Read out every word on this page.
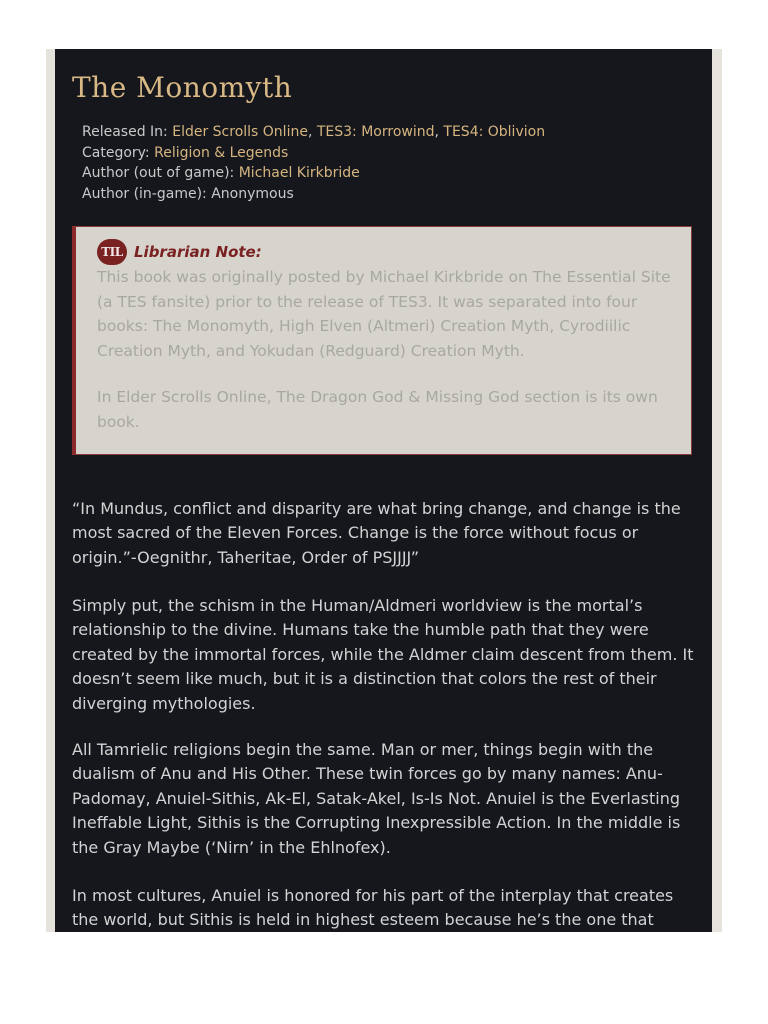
The Monomyth
Released In: Elder Scrolls Online, TES3: Morrowind, TES4: Oblivion
Category: Religion & Legends
Author (out of game): Michael Kirkbride
Author (in-game): Anonymous
TIL Librarian Note:

This book was originally posted by Michael Kirkbride on The Essential Site (a TES fansite) prior to the release of TES3. It was separated into four books: The Monomyth, High Elven (Altmeri) Creation Myth, Cyrodiilic Creation Myth, and Yokudan (Redguard) Creation Myth.

In Elder Scrolls Online, The Dragon God & Missing God section is its own book.

“In Mundus, conflict and disparity are what bring change, and change is the most sacred of the Eleven Forces. Change is the force without focus or origin.”-Oegnithr, Taheritae, Order of PSJJJJ”

Simply put, the schism in the Human/Aldmeri worldview is the mortal’s relationship to the divine. Humans take the humble path that they were created by the immortal forces, while the Aldmer claim descent from them. It doesn’t seem like much, but it is a distinction that colors the rest of their diverging mythologies.

All Tamrielic religions begin the same. Man or mer, things begin with the dualism of Anu and His Other. These twin forces go by many names: Anu-Padomay, Anuiel-Sithis, Ak-El, Satak-Akel, Is-Is Not. Anuiel is the Everlasting Ineffable Light, Sithis is the Corrupting Inexpressible Action. In the middle is the Gray Maybe (‘Nirn’ in the Ehlnofex).

In most cultures, Anuiel is honored for his part of the interplay that creates the world, but Sithis is held in highest esteem because he’s the one that
